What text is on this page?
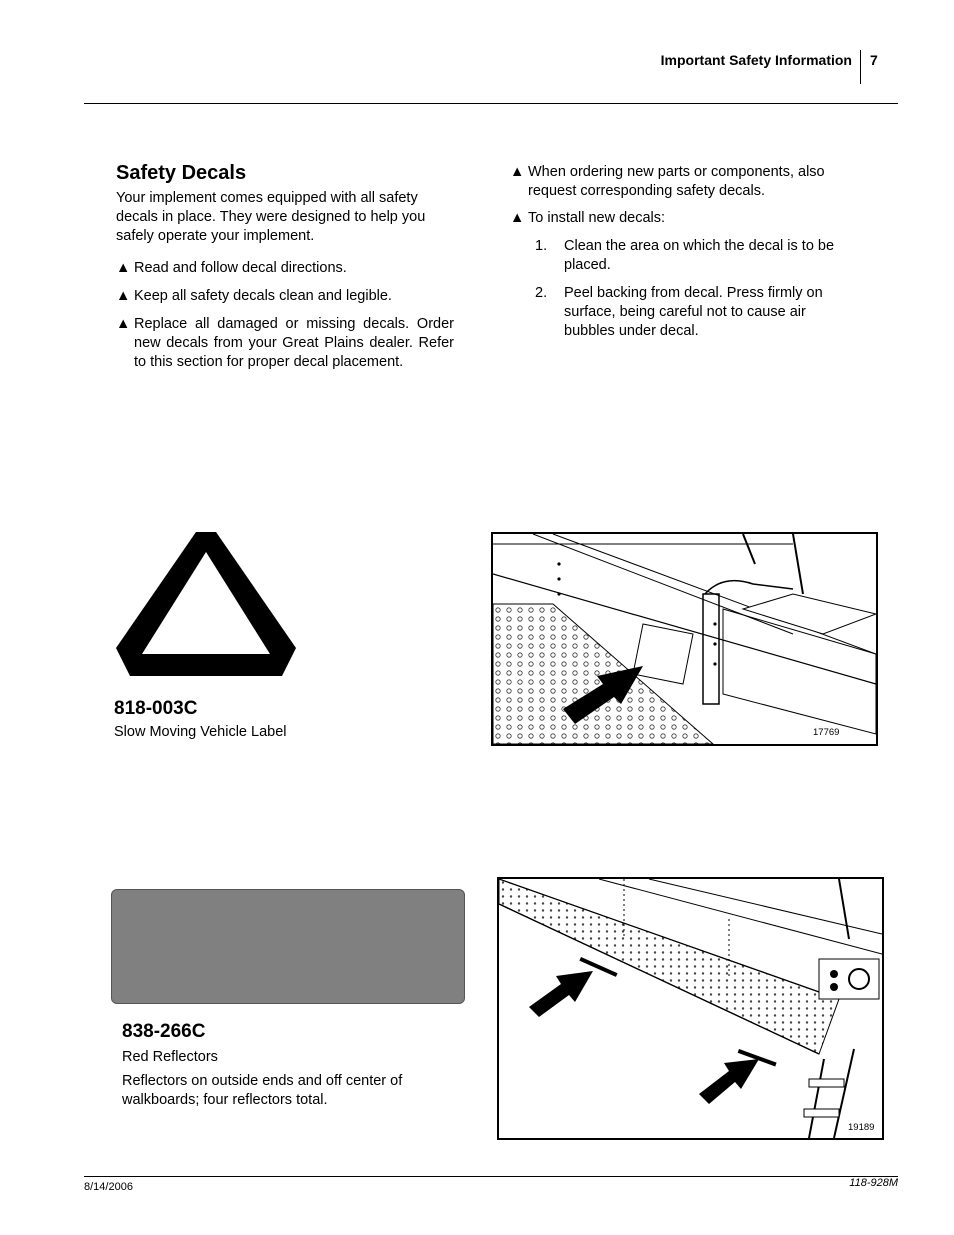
Important Safety Information 7
Safety Decals
Your implement comes equipped with all safety decals in place. They were designed to help you safely operate your implement.
▲ Read and follow decal directions.
▲ Keep all safety decals clean and legible.
▲ Replace all damaged or missing decals. Order new decals from your Great Plains dealer. Refer to this section for proper decal placement.
▲ When ordering new parts or components, also request corresponding safety decals.
▲ To install new decals:
1. Clean the area on which the decal is to be placed.
2. Peel backing from decal. Press firmly on surface, being careful not to cause air bubbles under decal.
818-003C
Slow Moving Vehicle Label	17769
838-266C
Red Reflectors
Reflectors on outside ends and off center of walkboards; four reflectors total.
19189
8/14/2006	118-928M
